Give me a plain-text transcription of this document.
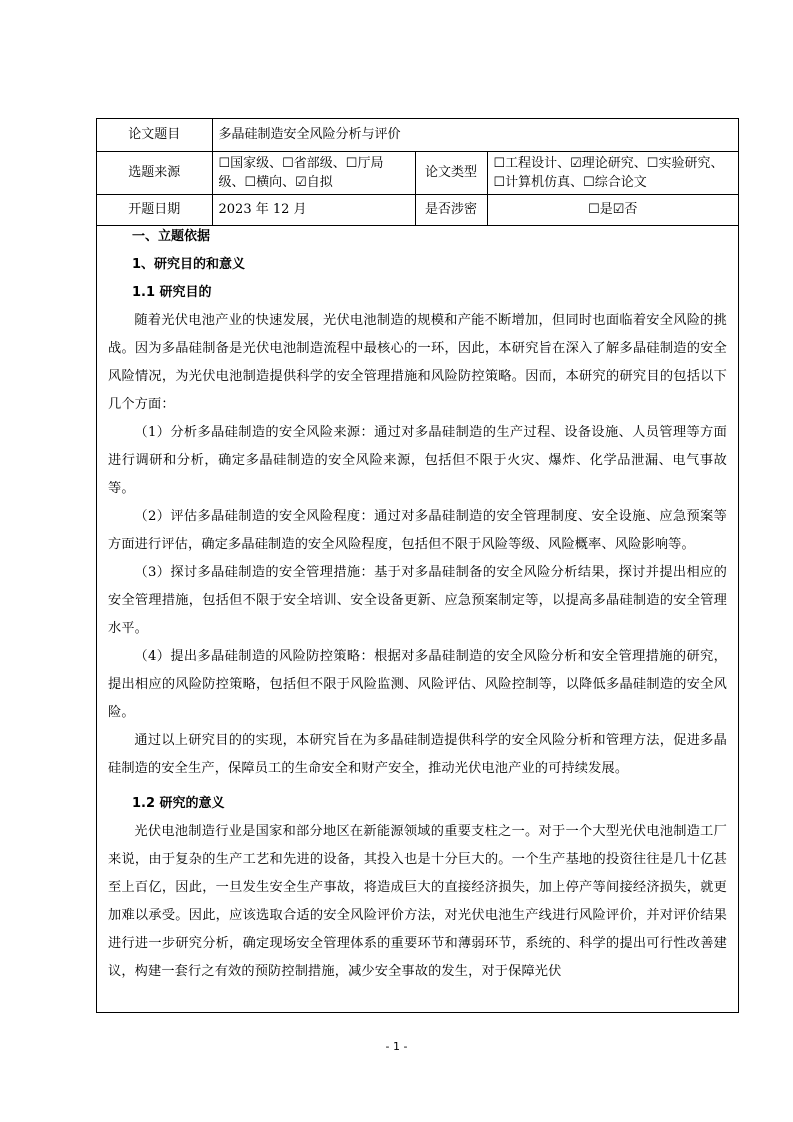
论文题目	多晶硅制造安全风险分析与评价		
选题来源	☐国家级、☐省部级、☐厅局级、☐横向、☑自拟	论文类型	☐工程设计、☑理论研究、☐实验研究、☐计算机仿真、☐综合论文
开题日期	2023 年 12 月	是否涉密	☐是☑否
一、立题依据
1、研究目的和意义
1.1 研究目的

随着光伏电池产业的快速发展，光伏电池制造的规模和产能不断增加，但同时也面临着安全风险的挑战。因为多晶硅制备是光伏电池制造流程中最核心的一环，因此，本研究旨在深入了解多晶硅制造的安全风险情况，为光伏电池制造提供科学的安全管理措施和风险防控策略。因而，本研究的研究目的包括以下几个方面：

（1）分析多晶硅制造的安全风险来源：通过对多晶硅制造的生产过程、设备设施、人员管理等方面进行调研和分析，确定多晶硅制造的安全风险来源，包括但不限于火灾、爆炸、化学品泄漏、电气事故等。

（2）评估多晶硅制造的安全风险程度：通过对多晶硅制造的安全管理制度、安全设施、应急预案等方面进行评估，确定多晶硅制造的安全风险程度，包括但不限于风险等级、风险概率、风险影响等。

（3）探讨多晶硅制造的安全管理措施：基于对多晶硅制备的安全风险分析结果，探讨并提出相应的安全管理措施，包括但不限于安全培训、安全设备更新、应急预案制定等，以提高多晶硅制造的安全管理水平。

（4）提出多晶硅制造的风险防控策略：根据对多晶硅制造的安全风险分析和安全管理措施的研究，提出相应的风险防控策略，包括但不限于风险监测、风险评估、风险控制等，以降低多晶硅制造的安全风险。

通过以上研究目的的实现，本研究旨在为多晶硅制造提供科学的安全风险分析和管理方法，促进多晶硅制造的安全生产，保障员工的生命安全和财产安全，推动光伏电池产业的可持续发展。

1.2 研究的意义

光伏电池制造行业是国家和部分地区在新能源领域的重要支柱之一。对于一个大型光伏电池制造工厂来说，由于复杂的生产工艺和先进的设备，其投入也是十分巨大的。一个生产基地的投资往往是几十亿甚至上百亿，因此，一旦发生安全生产事故，将造成巨大的直接经济损失，加上停产等间接经济损失，就更加难以承受。因此，应该选取合适的安全风险评价方法，对光伏电池生产线进行风险评价，并对评价结果进行进一步研究分析，确定现场安全管理体系的重要环节和薄弱环节，系统的、科学的提出可行性改善建议，构建一套行之有效的预防控制措施，减少安全事故的发生，对于保障光伏

- 1 -
